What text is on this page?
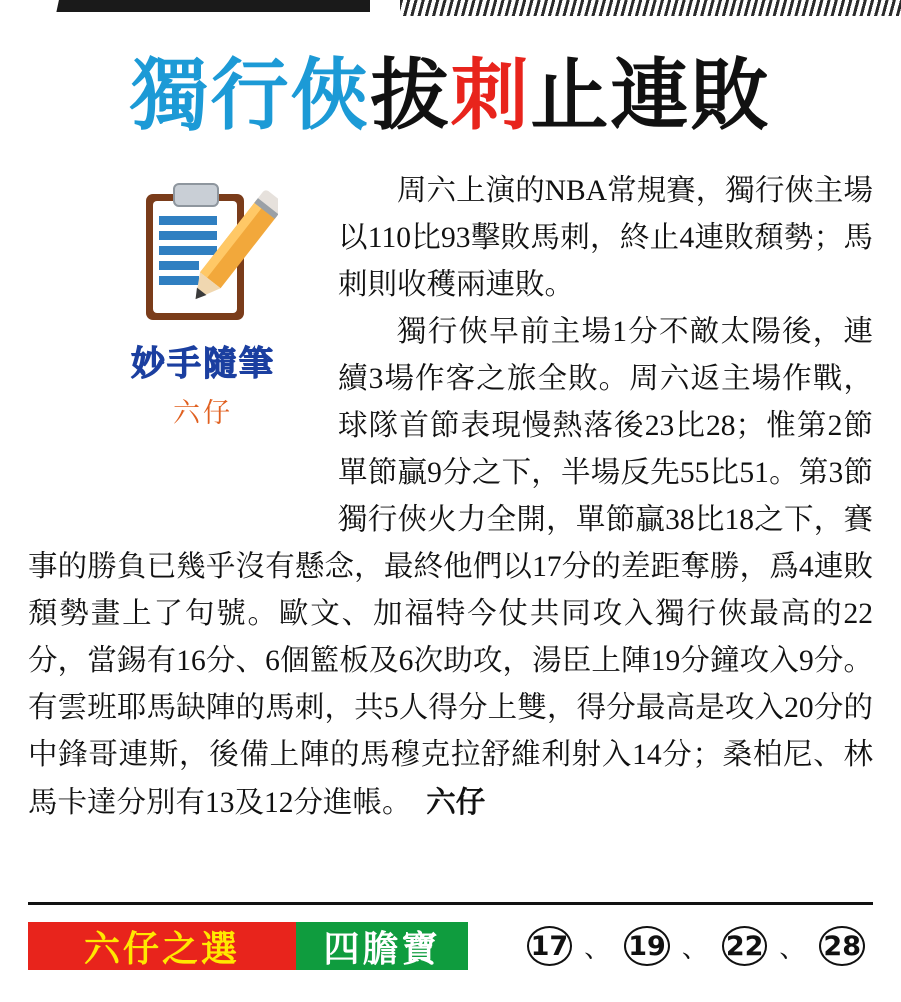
獨行俠拔刺止連敗

周六上演的NBA常規賽，獨行俠主場以110比93擊敗馬刺，終止4連敗頹勢；馬刺則收穫兩連敗。

獨行俠早前主場1分不敵太陽後，連續3場作客之旅全敗。周六返主場作戰，球隊首節表現慢熱落後23比28；惟第2節單節贏9分之下，半場反先55比51。第3節獨行俠火力全開，單節贏38比18之下，賽事的勝負已幾乎沒有懸念，最終他們以17分的差距奪勝，爲4連敗頹勢畫上了句號。歐文、加福特今仗共同攻入獨行俠最高的22分，當錫有16分、6個籃板及6次助攻，湯臣上陣19分鐘攻入9分。有雲班耶馬缺陣的馬刺，共5人得分上雙，得分最高是攻入20分的中鋒哥連斯，後備上陣的馬穆克拉舒維利射入14分；桑柏尼、林馬卡達分別有13及12分進帳。　 六仔

妙手隨筆
六仔
六仔之選	四膽寶	17 、 19 、 22 、 28
